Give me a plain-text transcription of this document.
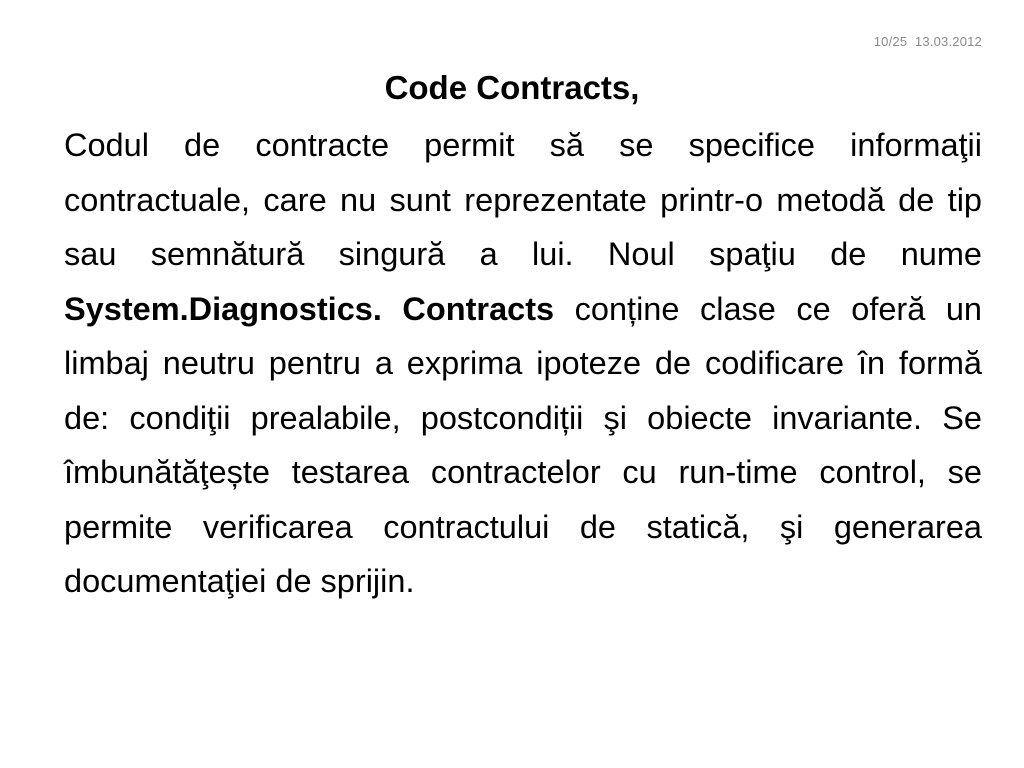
10/25 13.03.2012
Code Contracts,

Codul de contracte permit să se specifice informaţii contractuale, care nu sunt reprezentate printr-o metodă de tip sau semnătură singură a lui. Noul spaţiu de nume System.Diagnostics. Contracts conține clase ce oferă un limbaj neutru pentru a exprima ipoteze de codificare în formă de: condiţii prealabile, postcondiții şi obiecte invariante. Se îmbunătăţește testarea contractelor cu run-time control, se permite verificarea contractului de statică, şi generarea documentaţiei de sprijin.
